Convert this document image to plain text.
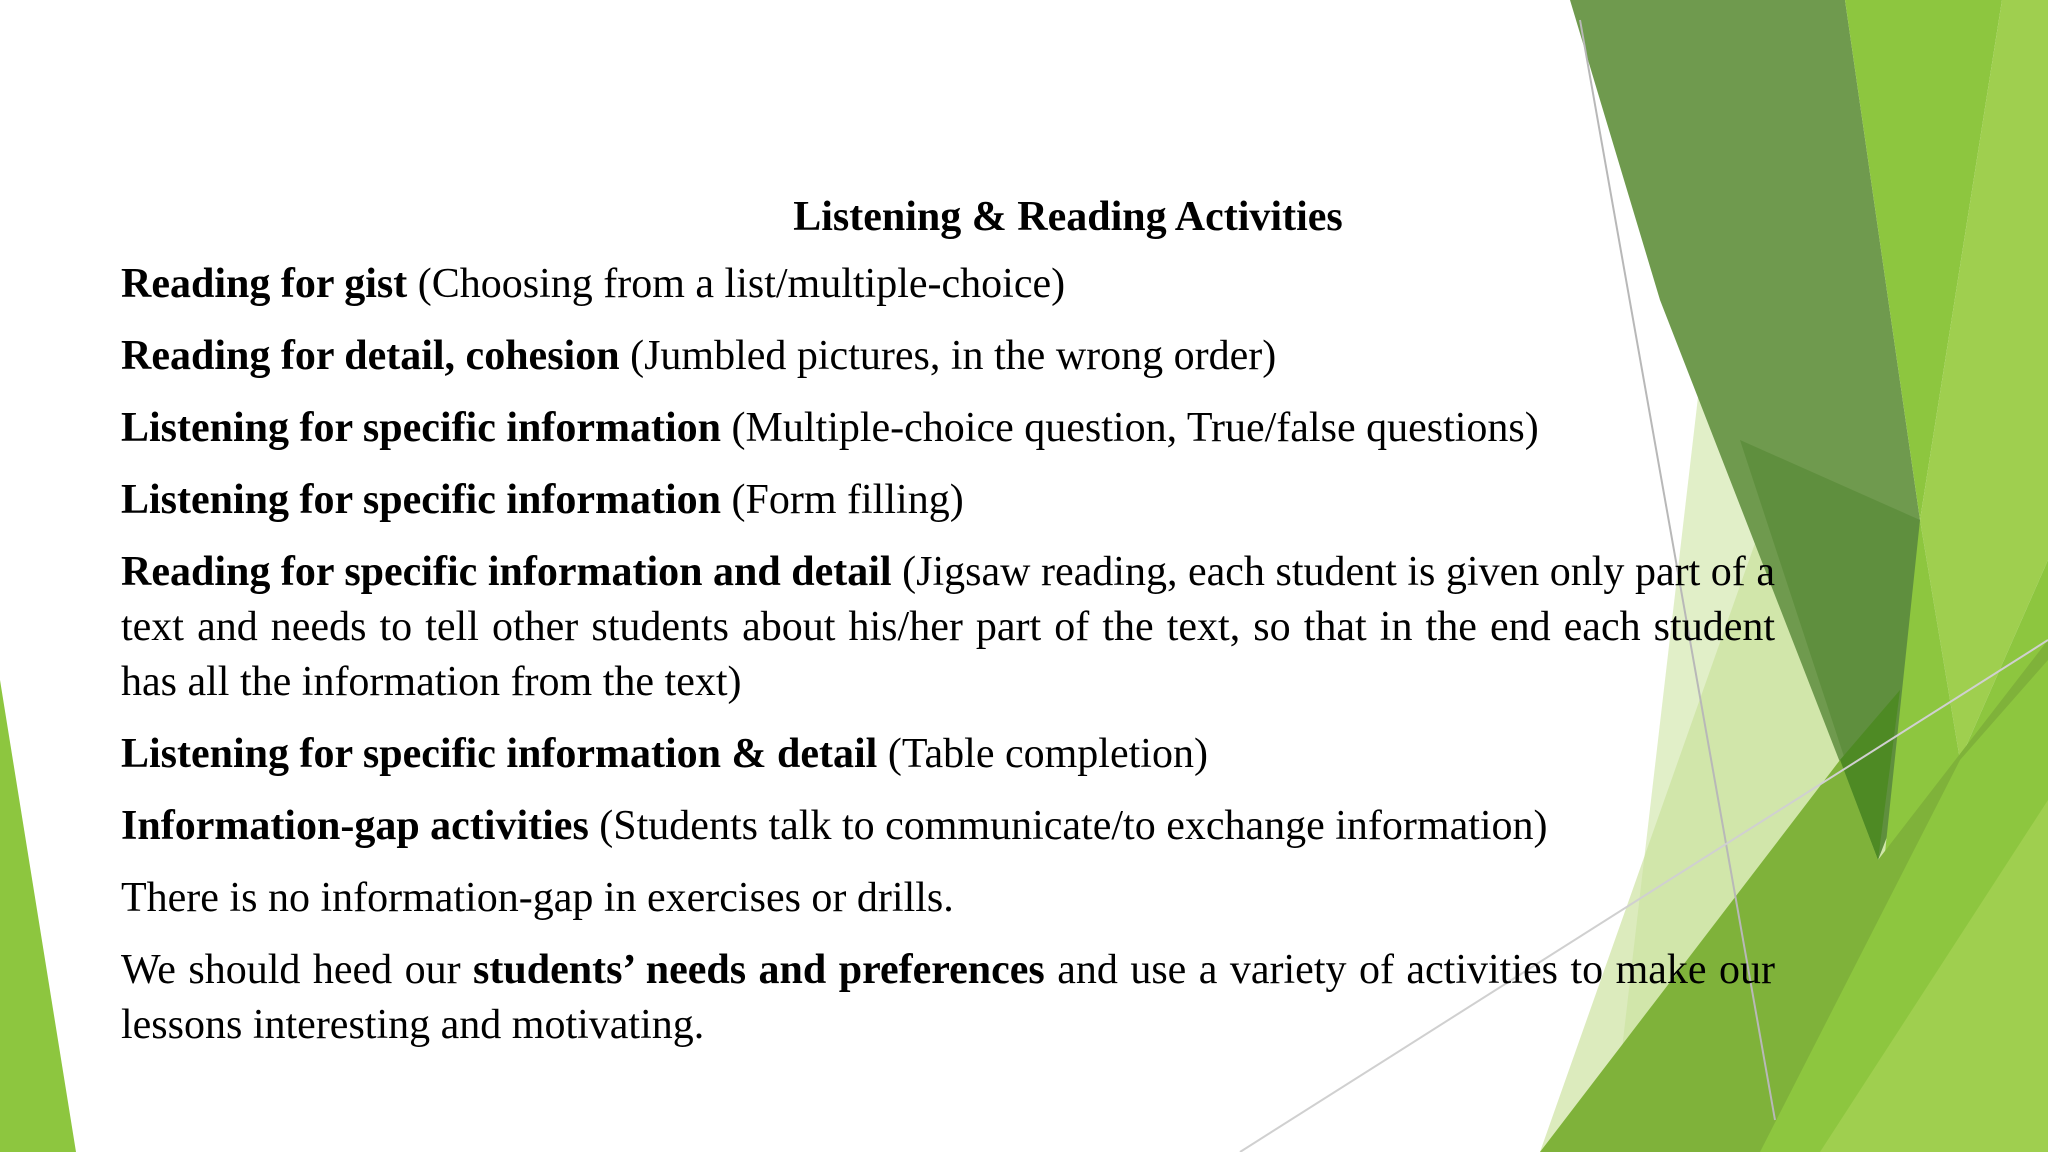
Listening & Reading Activities
Reading for gist (Choosing from a list/multiple-choice)
Reading for detail, cohesion (Jumbled pictures, in the wrong order)
Listening for specific information (Multiple-choice question, True/false questions)
Listening for specific information (Form filling)
Reading for specific information and detail (Jigsaw reading, each student is given only part of a text and needs to tell other students about his/her part of the text, so that in the end each student has all the information from the text)
Listening for specific information & detail (Table completion)
Information-gap activities (Students talk to communicate/to exchange information)
There is no information-gap in exercises or drills.
We should heed our students’ needs and preferences and use a variety of activities to make our lessons interesting and motivating.
